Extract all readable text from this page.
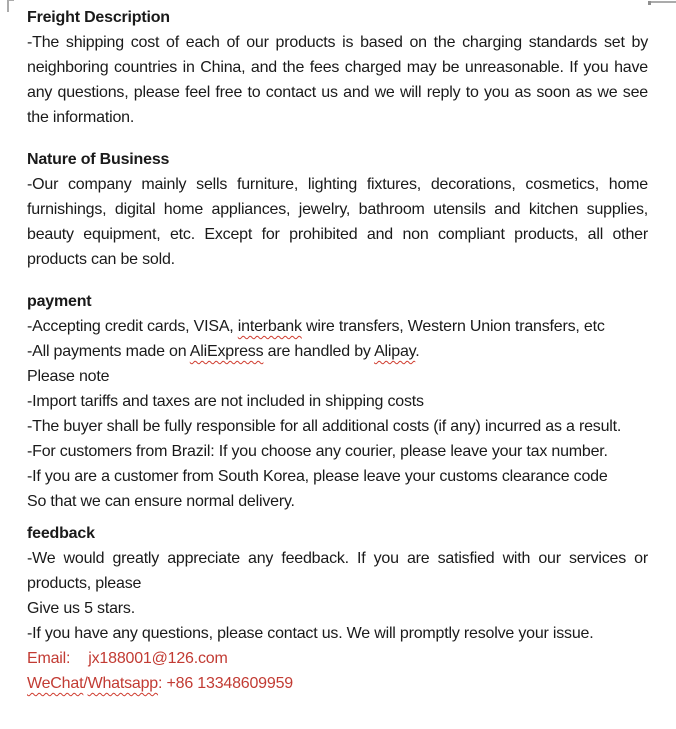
Freight Description

-The shipping cost of each of our products is based on the charging standards set by neighboring countries in China, and the fees charged may be unreasonable. If you have any questions, please feel free to contact us and we will reply to you as soon as we see the information.

Nature of Business

-Our company mainly sells furniture, lighting fixtures, decorations, cosmetics, home furnishings, digital home appliances, jewelry, bathroom utensils and kitchen supplies, beauty equipment, etc. Except for prohibited and non compliant products, all other products can be sold.

payment

-Accepting credit cards, VISA, interbank wire transfers, Western Union transfers, etc

-All payments made on AliExpress are handled by Alipay.

Please note

-Import tariffs and taxes are not included in shipping costs

-The buyer shall be fully responsible for all additional costs (if any) incurred as a result.

-For customers from Brazil: If you choose any courier, please leave your tax number.

-If you are a customer from South Korea, please leave your customs clearance code

So that we can ensure normal delivery.

feedback

-We would greatly appreciate any feedback. If you are satisfied with our services or products, please

Give us 5 stars.

-If you have any questions, please contact us. We will promptly resolve your issue.

Email: jx188001@126.com

WeChat/Whatsapp: +86 13348609959
